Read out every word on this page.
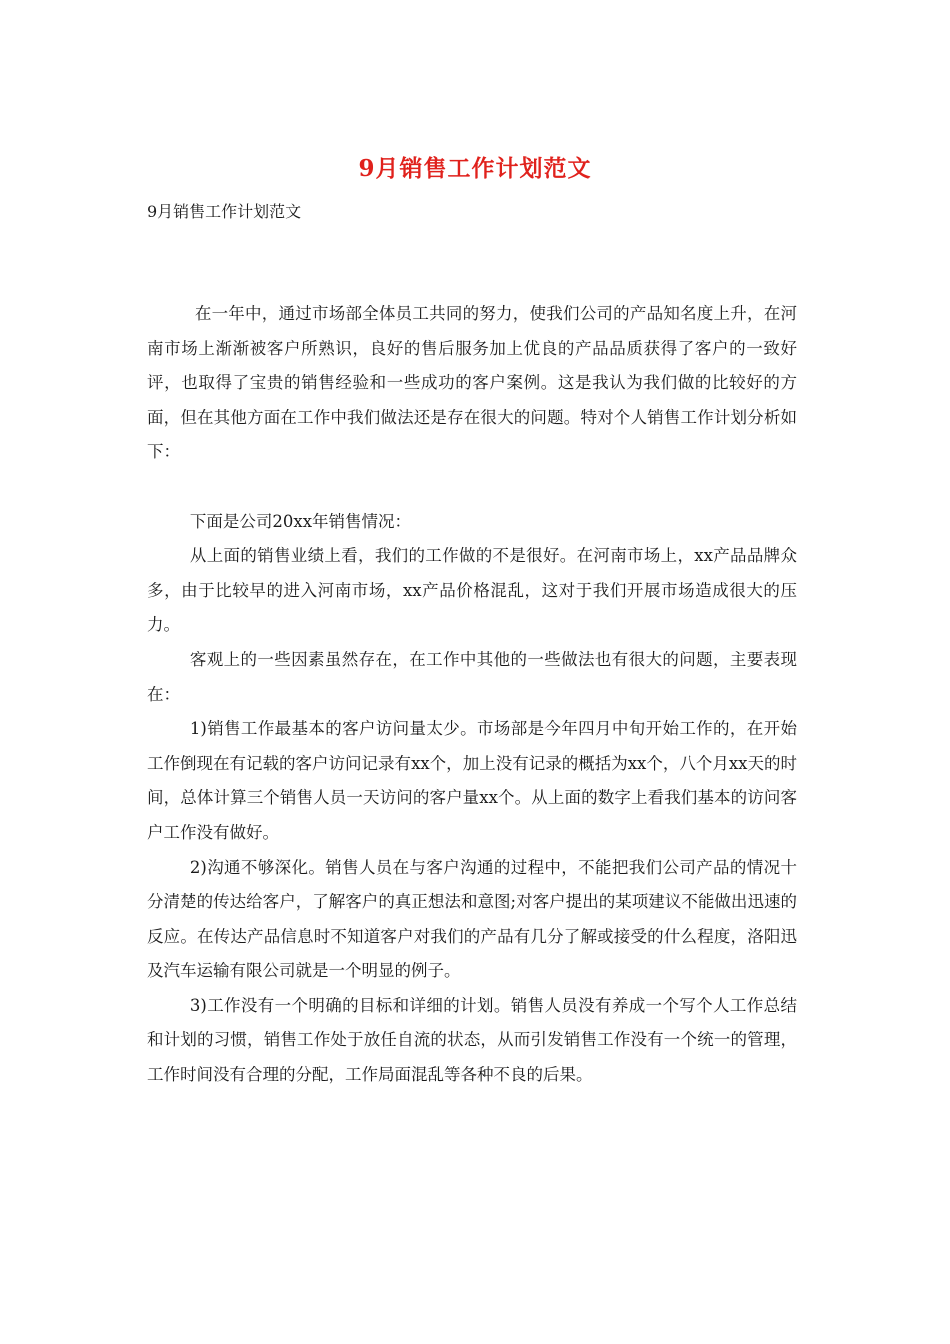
9月销售工作计划范文
9月销售工作计划范文

在一年中，通过市场部全体员工共同的努力，使我们公司的产品知名度上升，在河南市场上渐渐被客户所熟识，良好的售后服务加上优良的产品品质获得了客户的一致好评，也取得了宝贵的销售经验和一些成功的客户案例。这是我认为我们做的比较好的方面，但在其他方面在工作中我们做法还是存在很大的问题。特对个人销售工作计划分析如下：

下面是公司20xx年销售情况：

从上面的销售业绩上看，我们的工作做的不是很好。在河南市场上，xx产品品牌众多，由于比较早的进入河南市场，xx产品价格混乱，这对于我们开展市场造成很大的压力。

客观上的一些因素虽然存在，在工作中其他的一些做法也有很大的问题，主要表现在：

1)销售工作最基本的客户访问量太少。市场部是今年四月中旬开始工作的，在开始工作倒现在有记载的客户访问记录有xx个，加上没有记录的概括为xx个，八个月xx天的时间，总体计算三个销售人员一天访问的客户量xx个。从上面的数字上看我们基本的访问客户工作没有做好。

2)沟通不够深化。销售人员在与客户沟通的过程中，不能把我们公司产品的情况十分清楚的传达给客户，了解客户的真正想法和意图;对客户提出的某项建议不能做出迅速的反应。在传达产品信息时不知道客户对我们的产品有几分了解或接受的什么程度，洛阳迅及汽车运输有限公司就是一个明显的例子。

3)工作没有一个明确的目标和详细的计划。销售人员没有养成一个写个人工作总结和计划的习惯，销售工作处于放任自流的状态，从而引发销售工作没有一个统一的管理，工作时间没有合理的分配，工作局面混乱等各种不良的后果。
